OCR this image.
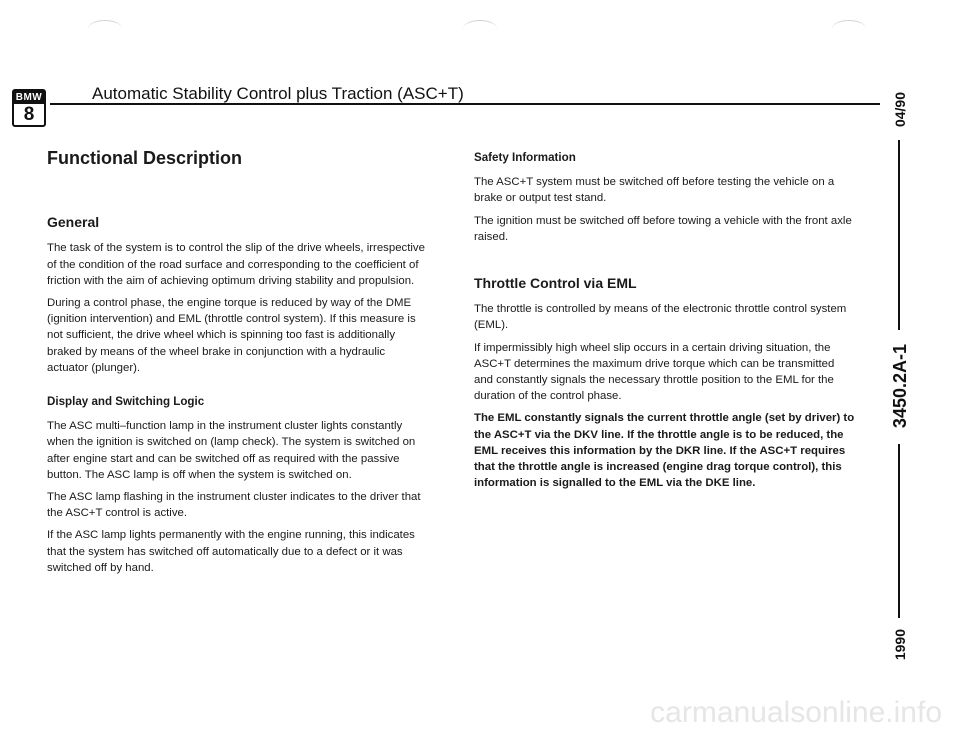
BMW
8
Automatic Stability Control plus Traction (ASC+T)	04/90
3450.2A-1
1990
Functional Description
General

The task of the system is to control the slip of the drive wheels, irrespective of the condition of the road surface and corresponding to the coefficient of friction with the aim of achieving optimum driving stability and propulsion.

During a control phase, the engine torque is reduced by way of the DME (ignition intervention) and EML (throttle control system). If this measure is not sufficient, the drive wheel which is spinning too fast is additionally braked by means of the wheel brake in conjunction with a hydraulic actuator (plunger).

Display and Switching Logic

The ASC multi–function lamp in the instrument cluster lights constantly when the ignition is switched on (lamp check). The system is switched on after engine start and can be switched off as required with the passive button. The ASC lamp is off when the system is switched on.

The ASC lamp flashing in the instrument cluster indicates to the driver that the ASC+T control is active.

If the ASC lamp lights permanently with the engine running, this indicates that the system has switched off automatically due to a defect or it was switched off by hand.

Safety Information

The ASC+T system must be switched off before testing the vehicle on a brake or output test stand.

The ignition must be switched off before towing a vehicle with the front axle raised.

Throttle Control via EML

The throttle is controlled by means of the electronic throttle control system (EML).

If impermissibly high wheel slip occurs in a certain driving situation, the ASC+T determines the maximum drive torque which can be transmitted and constantly signals the necessary throttle position to the EML for the duration of the control phase.

The EML constantly signals the current throttle angle (set by driver) to the ASC+T via the DKV line. If the throttle angle is to be reduced, the EML receives this information by the DKR line. If the ASC+T requires that the throttle angle is increased (engine drag torque control), this information is signalled to the EML via the DKE line.

carmanualsonline.info
